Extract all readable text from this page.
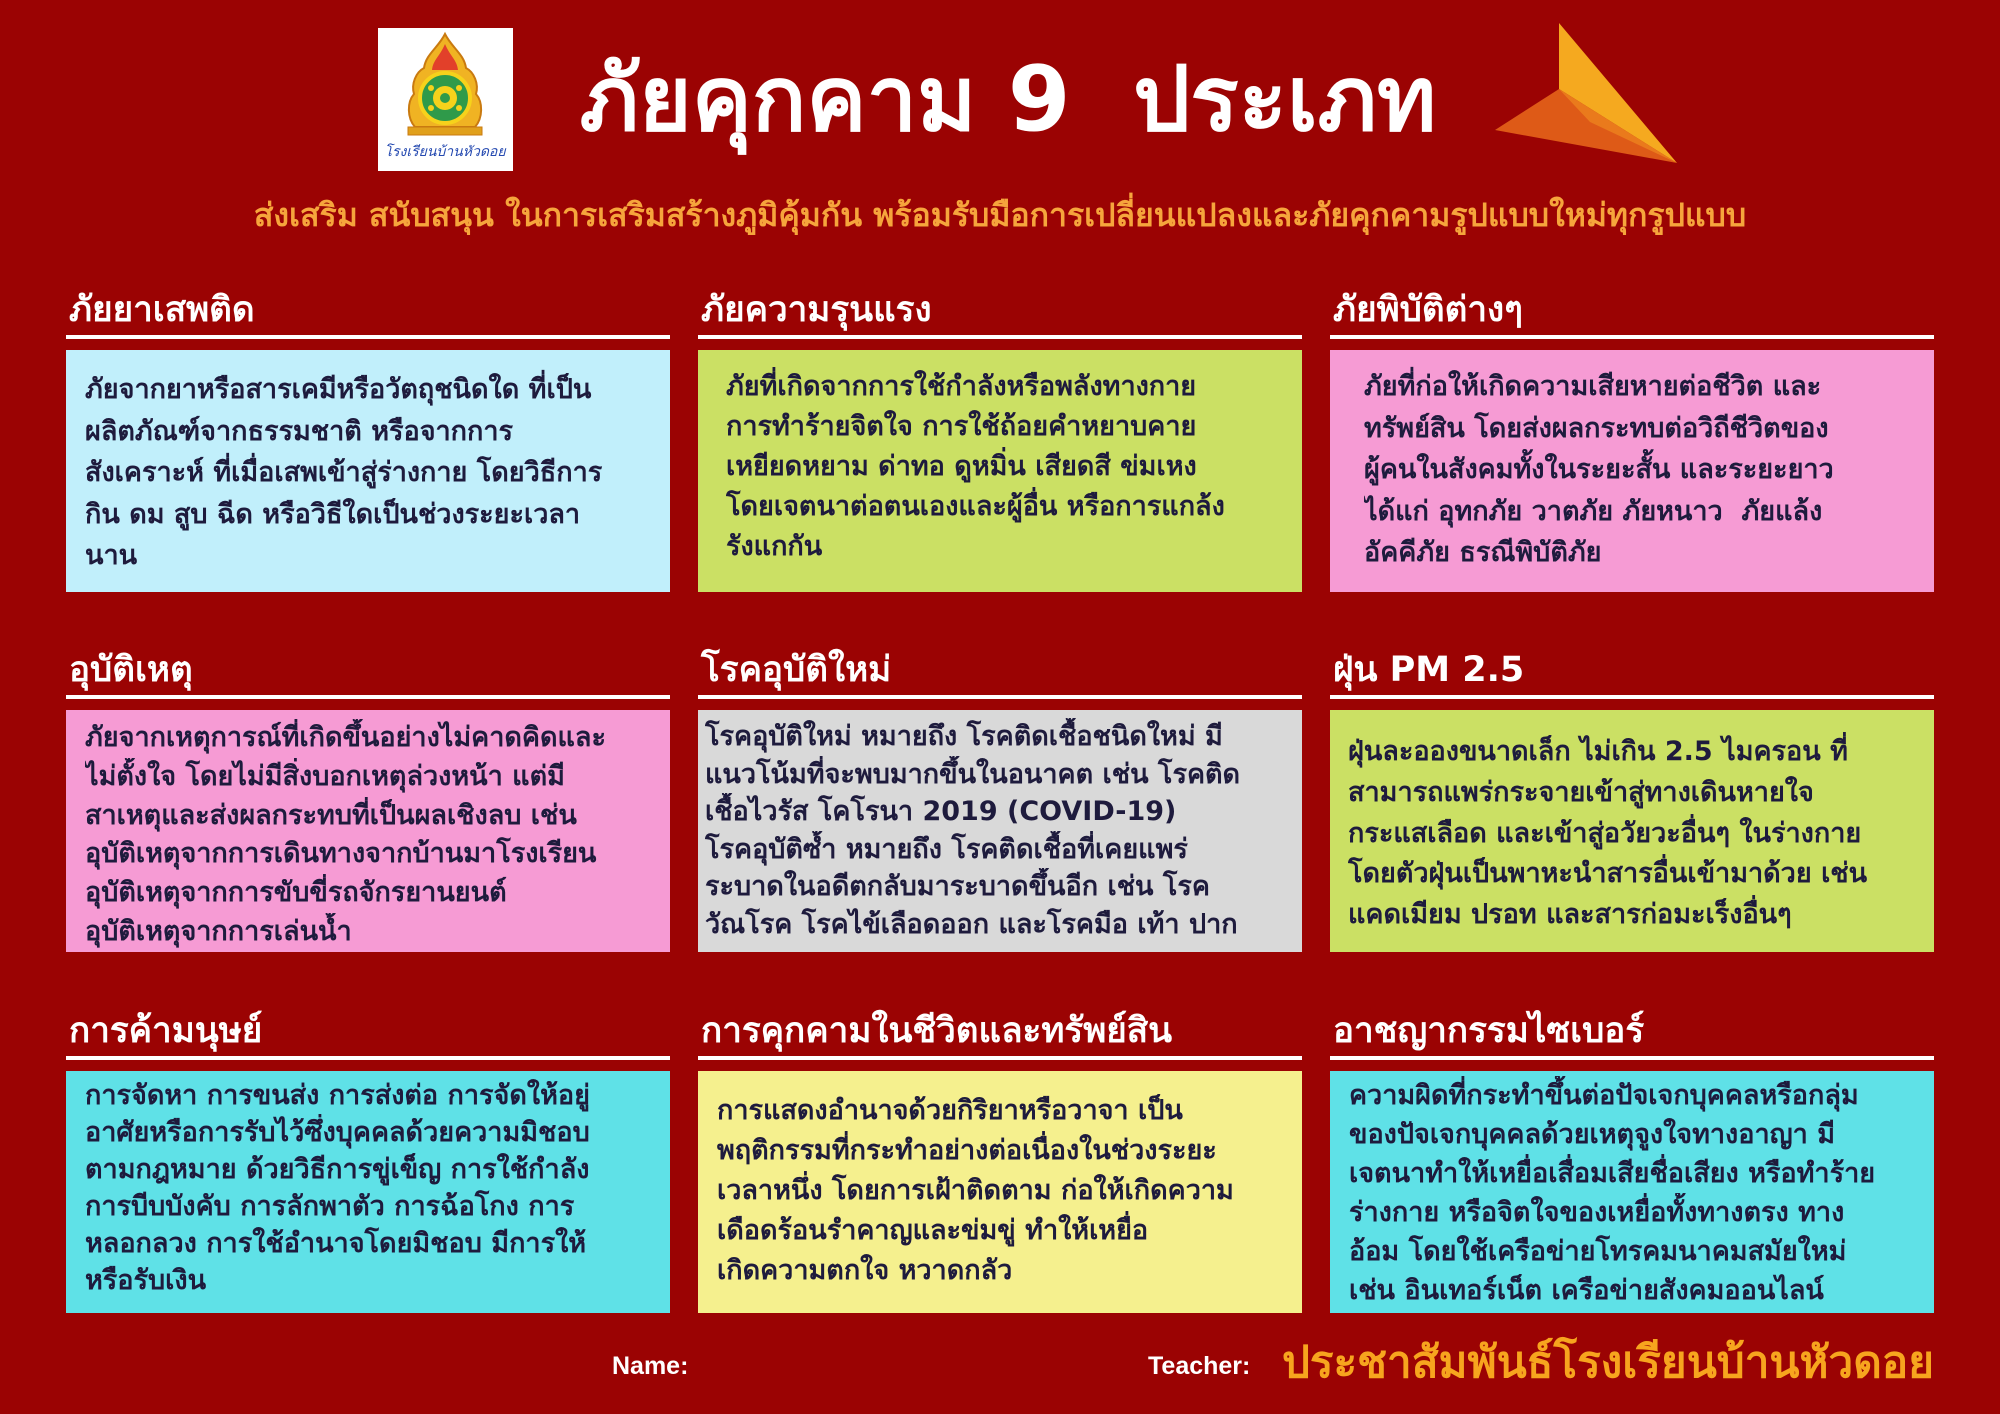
โรงเรียนบ้านหัวดอย ภัยคุกคาม 9  ประเภท
ส่งเสริม สนับสนุน ในการเสริมสร้างภูมิคุ้มกัน พร้อมรับมือการเปลี่ยนแปลงและภัยคุกคามรูปแบบใหม่ทุกรูปแบบ
ภัยยาเสพติด
ภัยจากยาหรือสารเคมีหรือวัตถุชนิดใด ที่เป็น
ผลิตภัณฑ์จากธรรมชาติ หรือจากการ
สังเคราะห์ ที่เมื่อเสพเข้าสู่ร่างกาย โดยวิธีการ
กิน ดม สูบ ฉีด หรือวิธีใดเป็นช่วงระยะเวลา
นาน
ภัยความรุนแรง
ภัยที่เกิดจากการใช้กำลังหรือพลังทางกาย
การทำร้ายจิตใจ การใช้ถ้อยคำหยาบคาย
เหยียดหยาม ด่าทอ ดูหมิ่น เสียดสี ข่มเหง
โดยเจตนาต่อตนเองและผู้อื่น หรือการแกล้ง
รังแกกัน
ภัยพิบัติต่างๆ
ภัยที่ก่อให้เกิดความเสียหายต่อชีวิต และ
ทรัพย์สิน โดยส่งผลกระทบต่อวิถีชีวิตของ
ผู้คนในสังคมทั้งในระยะสั้น และระยะยาว
ได้แก่ อุทกภัย วาตภัย ภัยหนาว  ภัยแล้ง
อัคคีภัย ธรณีพิบัติภัย
อุบัติเหตุ
ภัยจากเหตุการณ์ที่เกิดขึ้นอย่างไม่คาดคิดและ
ไม่ตั้งใจ โดยไม่มีสิ่งบอกเหตุล่วงหน้า แต่มี
สาเหตุและส่งผลกระทบที่เป็นผลเชิงลบ เช่น
อุบัติเหตุจากการเดินทางจากบ้านมาโรงเรียน
อุบัติเหตุจากการขับขี่รถจักรยานยนต์
อุบัติเหตุจากการเล่นน้ำ
โรคอุบัติใหม่
โรคอุบัติใหม่ หมายถึง โรคติดเชื้อชนิดใหม่ มี
แนวโน้มที่จะพบมากขึ้นในอนาคต เช่น โรคติด
เชื้อไวรัส โคโรนา 2019 (COVID-19)
โรคอุบัติซ้ำ หมายถึง โรคติดเชื้อที่เคยแพร่
ระบาดในอดีตกลับมาระบาดขึ้นอีก เช่น โรค
วัณโรค โรคไข้เลือดออก และโรคมือ เท้า ปาก
ฝุ่น PM 2.5
ฝุ่นละอองขนาดเล็ก ไม่เกิน 2.5 ไมครอน ที่
สามารถแพร่กระจายเข้าสู่ทางเดินหายใจ
กระแสเลือด และเข้าสู่อวัยวะอื่นๆ ในร่างกาย
โดยตัวฝุ่นเป็นพาหะนำสารอื่นเข้ามาด้วย เช่น
แคดเมียม ปรอท และสารก่อมะเร็งอื่นๆ
การค้ามนุษย์
การจัดหา การขนส่ง การส่งต่อ การจัดให้อยู่
อาศัยหรือการรับไว้ซึ่งบุคคลด้วยความมิชอบ
ตามกฎหมาย ด้วยวิธีการขู่เข็ญ การใช้กำลัง
การบีบบังคับ การลักพาตัว การฉ้อโกง การ
หลอกลวง การใช้อำนาจโดยมิชอบ มีการให้
หรือรับเงิน
การคุกคามในชีวิตและทรัพย์สิน
การแสดงอำนาจด้วยกิริยาหรือวาจา เป็น
พฤติกรรมที่กระทำอย่างต่อเนื่องในช่วงระยะ
เวลาหนึ่ง โดยการเฝ้าติดตาม ก่อให้เกิดความ
เดือดร้อนรำคาญและข่มขู่ ทำให้เหยื่อ
เกิดความตกใจ หวาดกลัว
อาชญากรรมไซเบอร์
ความผิดที่กระทำขึ้นต่อปัจเจกบุคคลหรือกลุ่ม
ของปัจเจกบุคคลด้วยเหตุจูงใจทางอาญา มี
เจตนาทำให้เหยื่อเสื่อมเสียชื่อเสียง หรือทำร้าย
ร่างกาย หรือจิตใจของเหยื่อทั้งทางตรง ทาง
อ้อม โดยใช้เครือข่ายโทรคมนาคมสมัยใหม่
เช่น อินเทอร์เน็ต เครือข่ายสังคมออนไลน์
Name:	Teacher: ประชาสัมพันธ์โรงเรียนบ้านหัวดอย
